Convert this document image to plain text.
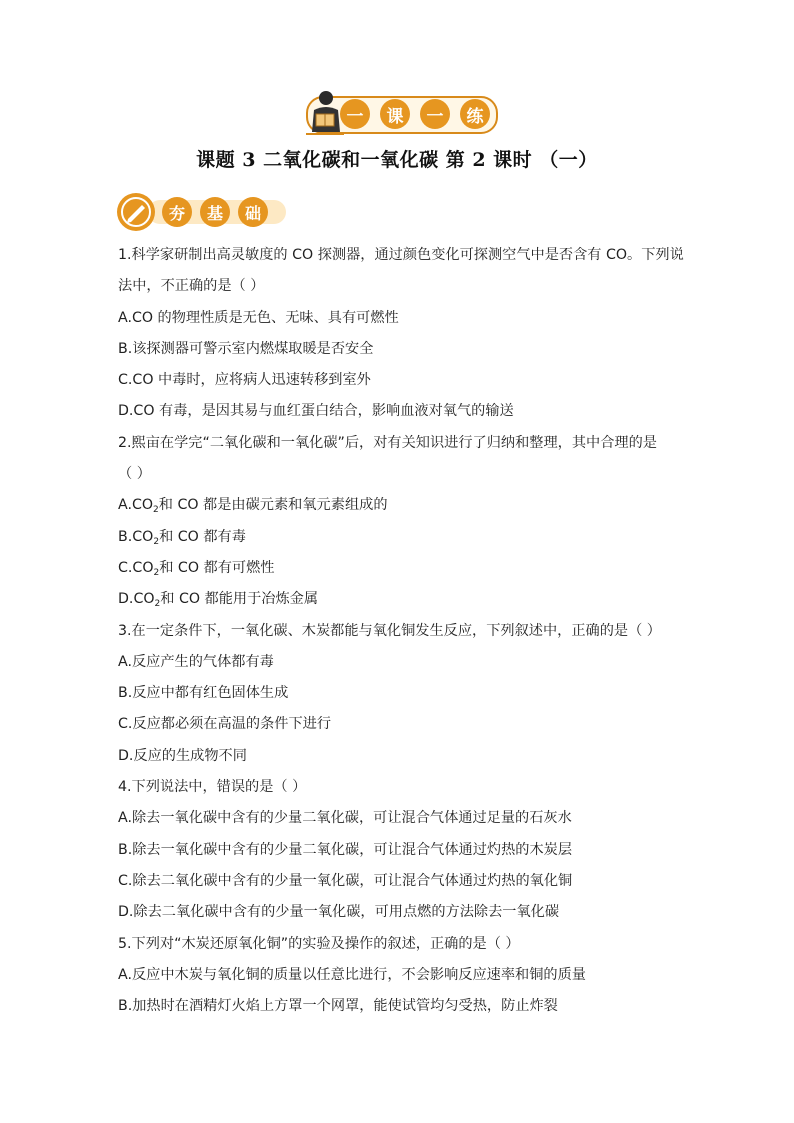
一	课	一	练
课题 3 二氧化碳和一氧化碳 第 2 课时 （一）
夯	基	础

1.科学家研制出高灵敏度的 CO 探测器，通过颜色变化可探测空气中是否含有 CO。下列说

法中，不正确的是（ ）

A.CO 的物理性质是无色、无味、具有可燃性

B.该探测器可警示室内燃煤取暖是否安全

C.CO 中毒时，应将病人迅速转移到室外

D.CO 有毒，是因其易与血红蛋白结合，影响血液对氧气的输送

2.熙亩在学完“二氧化碳和一氧化碳”后，对有关知识进行了归纳和整理，其中合理的是

（ ）

$A.CO_2$和 CO 都是由碳元素和氧元素组成的

$B.CO_2$和 CO 都有毒

$C.CO_2$和 CO 都有可燃性

$D.CO_2$和 CO 都能用于冶炼金属

3.在一定条件下，一氧化碳、木炭都能与氧化铜发生反应，下列叙述中，正确的是（ ）

A.反应产生的气体都有毒

B.反应中都有红色固体生成

C.反应都必须在高温的条件下进行

D.反应的生成物不同

4.下列说法中，错误的是（ ）

A.除去一氧化碳中含有的少量二氧化碳，可让混合气体通过足量的石灰水

B.除去一氧化碳中含有的少量二氧化碳，可让混合气体通过灼热的木炭层

C.除去二氧化碳中含有的少量一氧化碳，可让混合气体通过灼热的氧化铜

D.除去二氧化碳中含有的少量一氧化碳，可用点燃的方法除去一氧化碳

5.下列对“木炭还原氧化铜”的实验及操作的叙述，正确的是（ ）

A.反应中木炭与氧化铜的质量以任意比进行，不会影响反应速率和铜的质量

B.加热时在酒精灯火焰上方罩一个网罩，能使试管均匀受热，防止炸裂
